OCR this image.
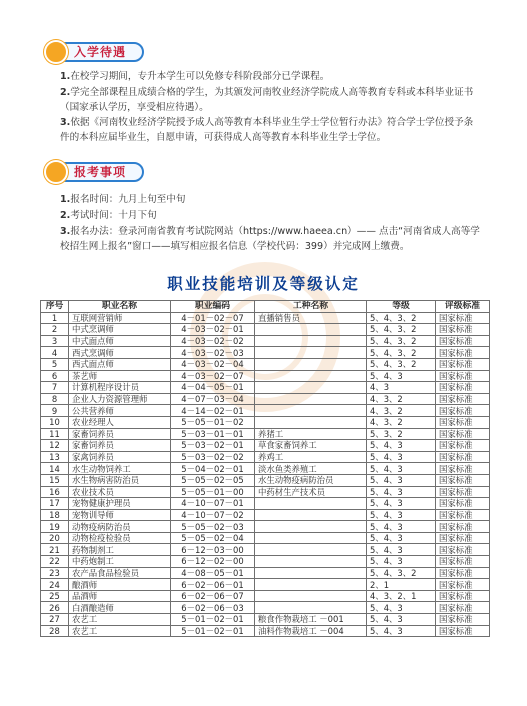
入学待遇
1.在校学习期间，专升本学生可以免修专科阶段部分已学课程。
2.学完全部课程且成绩合格的学生，为其颁发河南牧业经济学院成人高等教育专科或本科毕业证书（国家承认学历，享受相应待遇）。
3.依据《河南牧业经济学院授予成人高等教育本科毕业生学士学位暂行办法》符合学士学位授予条件的本科应届毕业生，自愿申请，可获得成人高等教育本科毕业生学士学位。
报考事项
1.报名时间：九月上旬至中旬
2.考试时间：十月下旬
3.报名办法：登录河南省教育考试院网站（https://www.haeea.cn）—— 点击“河南省成人高等学校招生网上报名”窗口——填写相应报名信息（学校代码：399）并完成网上缴费。
职业技能培训及等级认定
序号	职业名称	职业编码	工种名称	等级	评级标准
1	互联网营销师	4－01－02－07	直播销售员	5、4、3、2	国家标准
2	中式烹调师	4－03－02－01		5、4、3、2	国家标准
3	中式面点师	4－03－02－02		5、4、3、2	国家标准
4	西式烹调师	4－03－02－03		5、4、3、2	国家标准
5	西式面点师	4－03－02－04		5、4、3、2	国家标准
6	茶艺师	4－03－02－07		5、4、3	国家标准
7	计算机程序设计员	4－04－05－01		4、3	国家标准
8	企业人力资源管理师	4－07－03－04		4、3、2	国家标准
9	公共营养师	4－14－02－01		4、3、2	国家标准
10	农业经理人	5－05－01－02		4、3、2	国家标准
11	家畜饲养员	5－03－01－01	养猪工	5、3、2	国家标准
12	家畜饲养员	5－03－02－01	草食家畜饲养工	5、4、3	国家标准
13	家禽饲养员	5－03－02－02	养鸡工	5、4、3	国家标准
14	水生动物饲养工	5－04－02－01	淡水鱼类养殖工	5、4、3	国家标准
15	水生物病害防治员	5－05－02－05	水生动物疫病防治员	5、4、3	国家标准
16	农业技术员	5－05－01－00	中药材生产技术员	5、4、3	国家标准
17	宠物健康护理员	4－10－07－01		5、4、3	国家标准
18	宠物训导师	4－10－07－02		5、4、3	国家标准
19	动物疫病防治员	5－05－02－03		5、4、3	国家标准
20	动物检疫检验员	5－05－02－04		5、4、3	国家标准
21	药物制剂工	6－12－03－00		5、4、3	国家标准
22	中药炮制工	6－12－02－00		5、4、3	国家标准
23	农产品食品检验员	4－08－05－01		5、4、3、2	国家标准
24	酿酒师	6－02－06－01		2、1	国家标准
25	品酒师	6－02－06－07		4、3、2、1	国家标准
26	白酒酿造师	6－02－06－03		5、4、3	国家标准
27	农艺工	5－01－02－01	粮食作物栽培工 －001	5、4、3	国家标准
28	农艺工	5－01－02－01	油料作物栽培工 －004	5、4、3	国家标准
